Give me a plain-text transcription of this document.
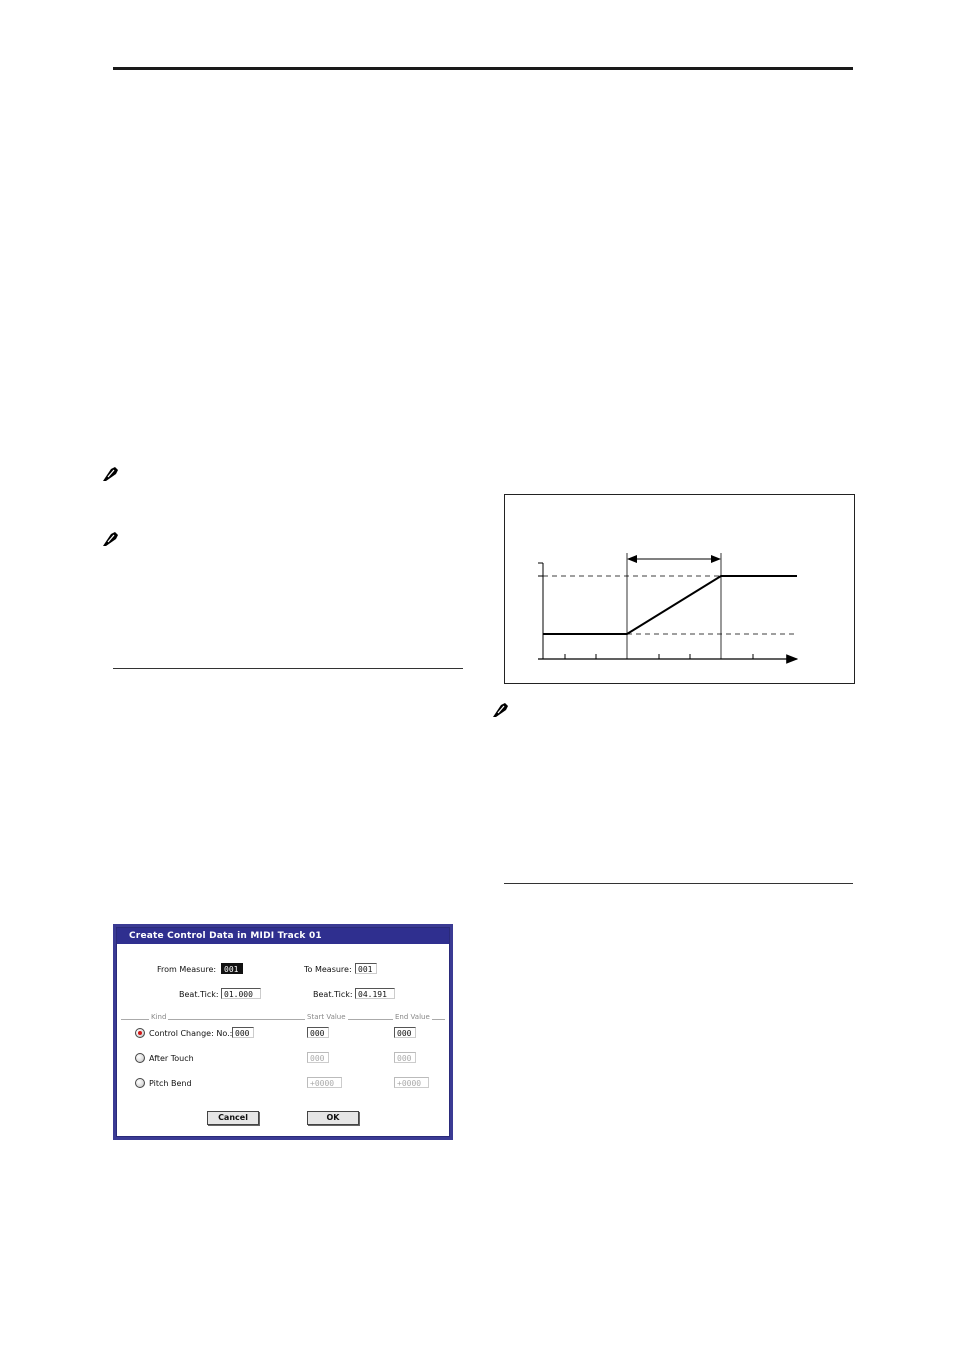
Create Control Data in MIDI Track 01
From Measure: 001	To Measure: 001
Beat.Tick: 01.000	Beat.Tick: 04.191
Kind	Start Value	End Value
Control Change: No.: 000	000	000
After Touch	000	000
Pitch Bend	+0000	+0000
Cancel	OK
